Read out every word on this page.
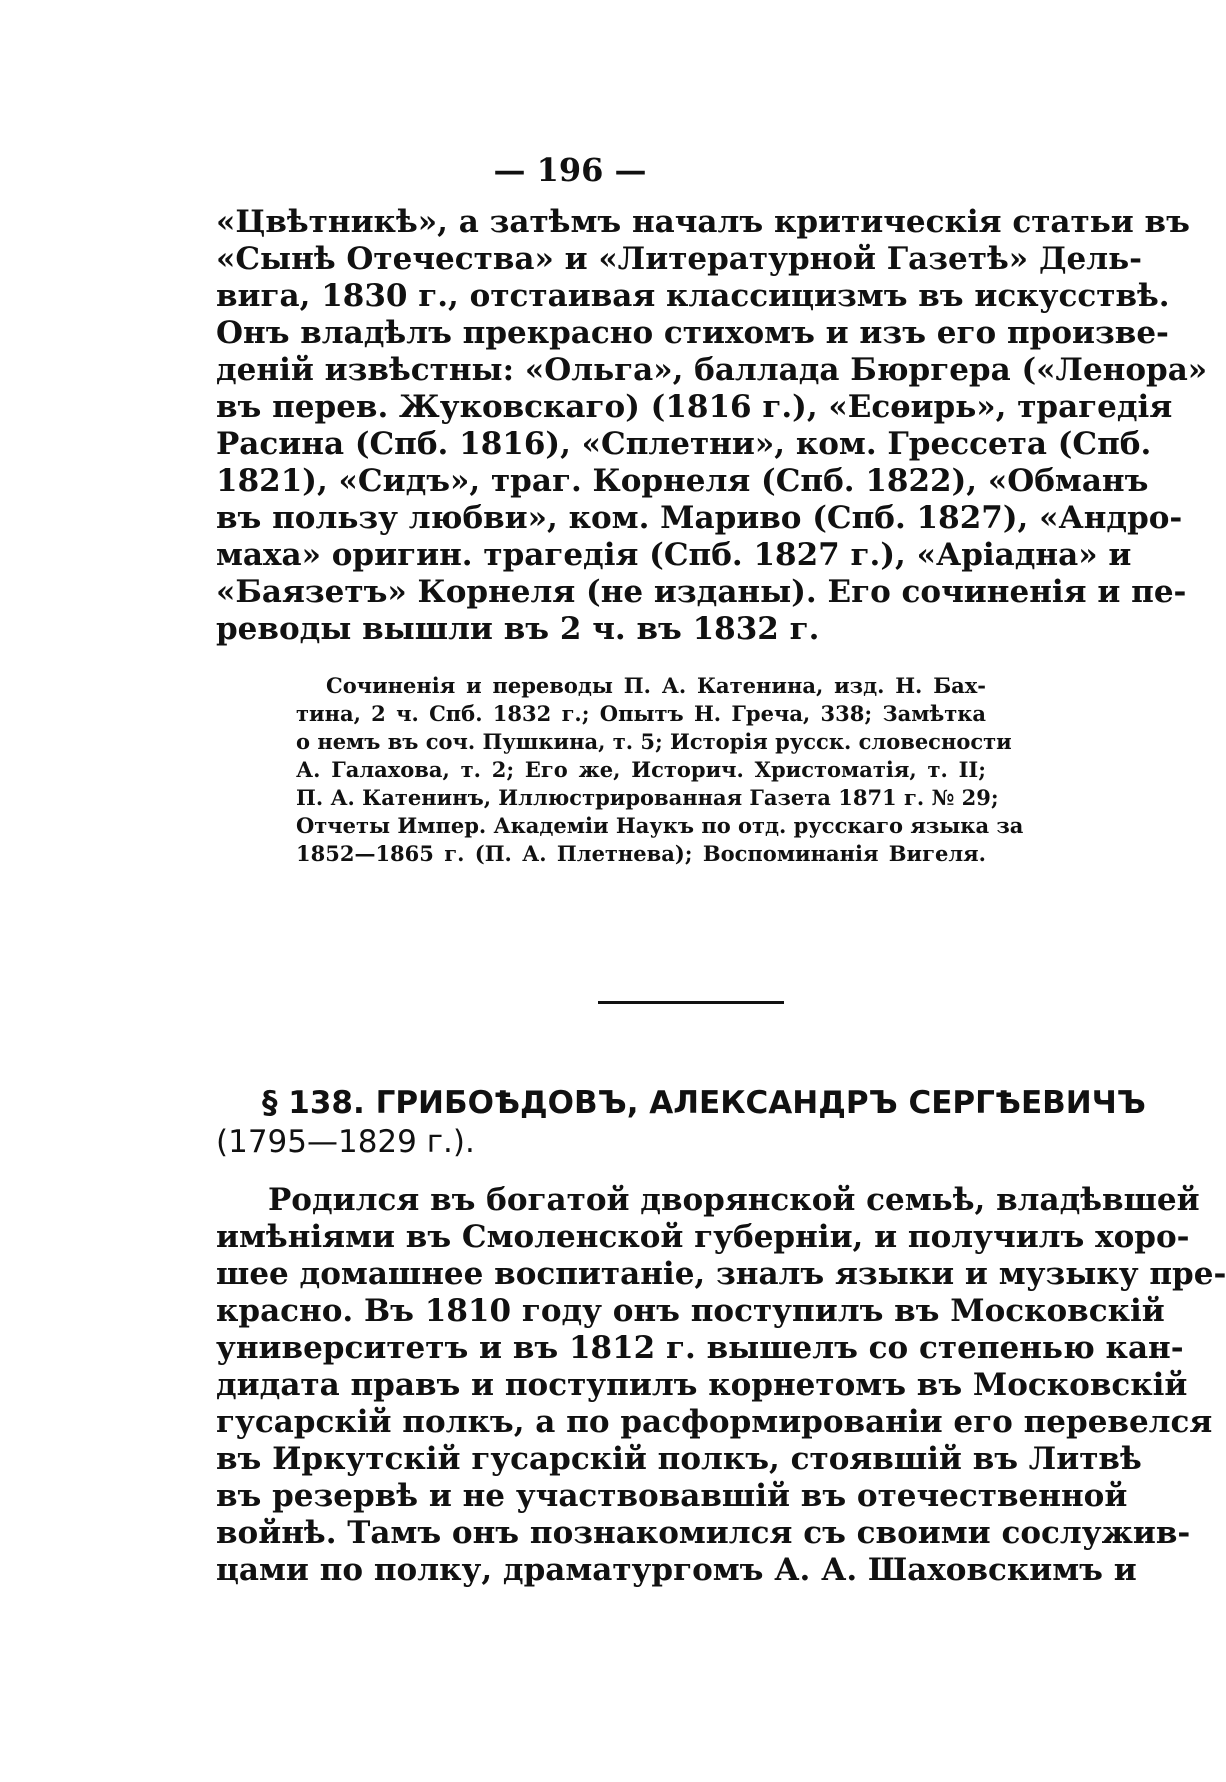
— 196 —

«Цвѣтникѣ», а затѣмъ началъ критическія статьи въ

«Сынѣ Отечества» и «Литературной Газетѣ» Дель-

вига, 1830 г., отстаивая классицизмъ въ искусствѣ.

Онъ владѣлъ прекрасно стихомъ и изъ его произве-

деній извѣстны: «Ольга», баллада Бюргера («Ленора»

въ перев. Жуковскаго) (1816 г.), «Есѳирь», трагедія

Расина (Спб. 1816), «Сплетни», ком. Грессета (Спб.

1821), «Сидъ», траг. Корнеля (Спб. 1822), «Обманъ

въ пользу любви», ком. Мариво (Спб. 1827), «Андро-

маха» оригин. трагедія (Спб. 1827 г.), «Аріадна» и

«Баязетъ» Корнеля (не изданы). Его сочиненія и пе-

реводы вышли въ 2 ч. въ 1832 г.

Сочиненія и переводы П. А. Катенина, изд. Н. Бах-

тина, 2 ч. Спб. 1832 г.; Опытъ Н. Греча, 338; Замѣтка

о немъ въ соч. Пушкина, т. 5; Исторія русск. словесности

А. Галахова, т. 2; Его же, Историч. Христоматія, т. II;

П. А. Катенинъ, Иллюстрированная Газета 1871 г. № 29;

Отчеты Импер. Академіи Наукъ по отд. русскаго языка за

1852—1865 г. (П. А. Плетнева); Воспоминанія Вигеля.

§ 138. ГРИБОѢДОВЪ, АЛЕКСАНДРЪ СЕРГѢЕВИЧЪ

(1795—1829 г.).

Родился въ богатой дворянской семьѣ, владѣвшей

имѣніями въ Смоленской губерніи, и получилъ хоро-

шее домашнее воспитаніе, зналъ языки и музыку пре-

красно. Въ 1810 году онъ поступилъ въ Московскій

университетъ и въ 1812 г. вышелъ со степенью кан-

дидата правъ и поступилъ корнетомъ въ Московскій

гусарскій полкъ, а по расформированіи его перевелся

въ Иркутскій гусарскій полкъ, стоявшій въ Литвѣ

въ резервѣ и не участвовавшій въ отечественной

войнѣ. Тамъ онъ познакомился съ своими сослужив-

цами по полку, драматургомъ А. А. Шаховскимъ и
